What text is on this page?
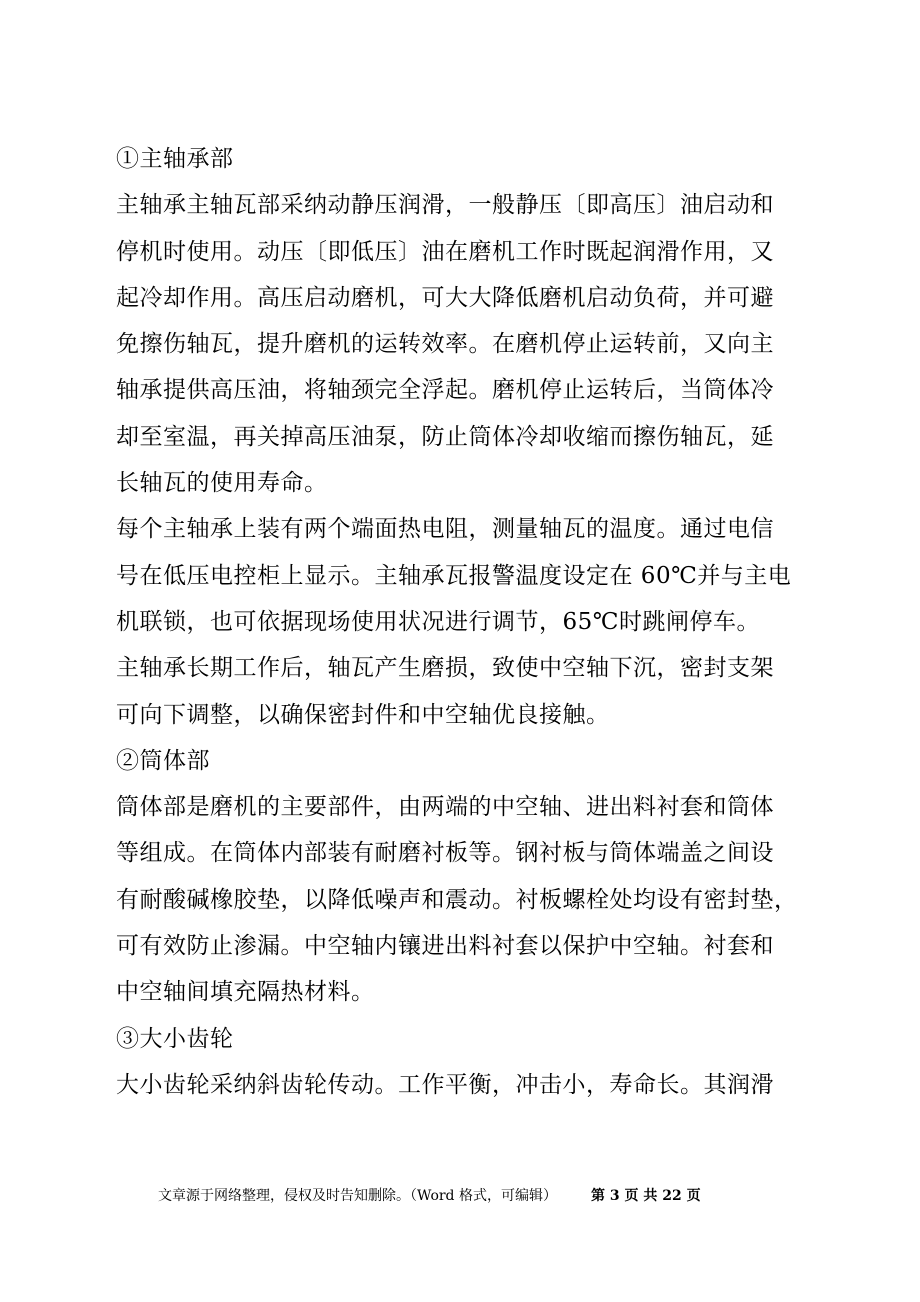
①主轴承部
主轴承主轴瓦部采纳动静压润滑，一般静压〔即高压〕油启动和
停机时使用。动压〔即低压〕油在磨机工作时既起润滑作用，又
起冷却作用。高压启动磨机，可大大降低磨机启动负荷，并可避
免擦伤轴瓦，提升磨机的运转效率。在磨机停止运转前，又向主
轴承提供高压油，将轴颈完全浮起。磨机停止运转后，当筒体冷
却至室温，再关掉高压油泵，防止筒体冷却收缩而擦伤轴瓦，延
长轴瓦的使用寿命。
每个主轴承上装有两个端面热电阻，测量轴瓦的温度。通过电信
号在低压电控柜上显示。主轴承瓦报警温度设定在 60℃并与主电
机联锁，也可依据现场使用状况进行调节，65℃时跳闸停车。
主轴承长期工作后，轴瓦产生磨损，致使中空轴下沉，密封支架
可向下调整，以确保密封件和中空轴优良接触。
②筒体部
筒体部是磨机的主要部件，由两端的中空轴、进出料衬套和筒体
等组成。在筒体内部装有耐磨衬板等。钢衬板与筒体端盖之间设
有耐酸碱橡胶垫，以降低噪声和震动。衬板螺栓处均设有密封垫，
可有效防止渗漏。中空轴内镶进出料衬套以保护中空轴。衬套和
中空轴间填充隔热材料。
③大小齿轮
大小齿轮采纳斜齿轮传动。工作平衡，冲击小，寿命长。其润滑
文章源于网络整理，侵权及时告知删除。（Word 格式，可编辑） 第 3 页 共 22 页
